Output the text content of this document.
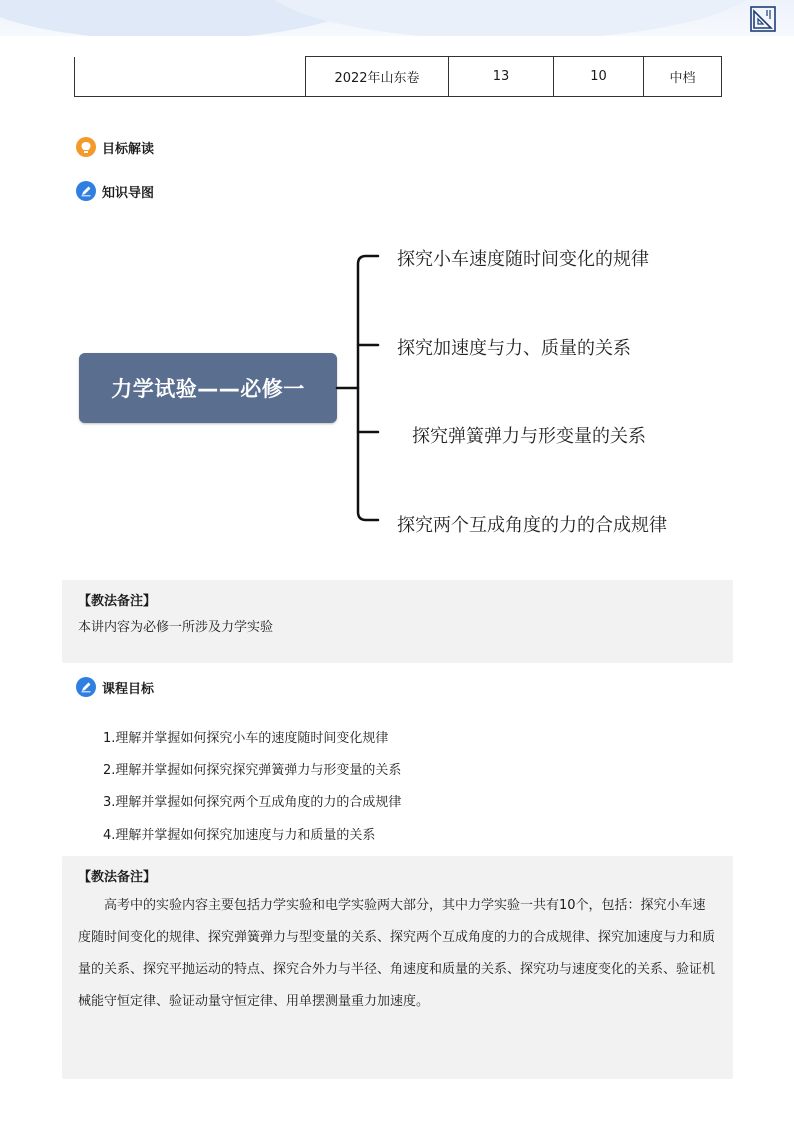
	2022年山东卷	13	10	中档
目标解读
知识导图
力学试验——必修一
探究小车速度随时间变化的规律
探究加速度与力、质量的关系
探究弹簧弹力与形变量的关系
探究两个互成角度的力的合成规律
【教法备注】
本讲内容为必修一所涉及力学实验
课程目标
1.理解并掌握如何探究小车的速度随时间变化规律
2.理解并掌握如何探究探究弹簧弹力与形变量的关系
3.理解并掌握如何探究两个互成角度的力的合成规律
4.理解并掌握如何探究加速度与力和质量的关系
【教法备注】

高考中的实验内容主要包括力学实验和电学实验两大部分，其中力学实验一共有10个，包括：探究小车速度随时间变化的规律、探究弹簧弹力与型变量的关系、探究两个互成角度的力的合成规律、探究加速度与力和质量的关系、探究平抛运动的特点、探究合外力与半径、角速度和质量的关系、探究功与速度变化的关系、验证机械能守恒定律、验证动量守恒定律、用单摆测量重力加速度。
